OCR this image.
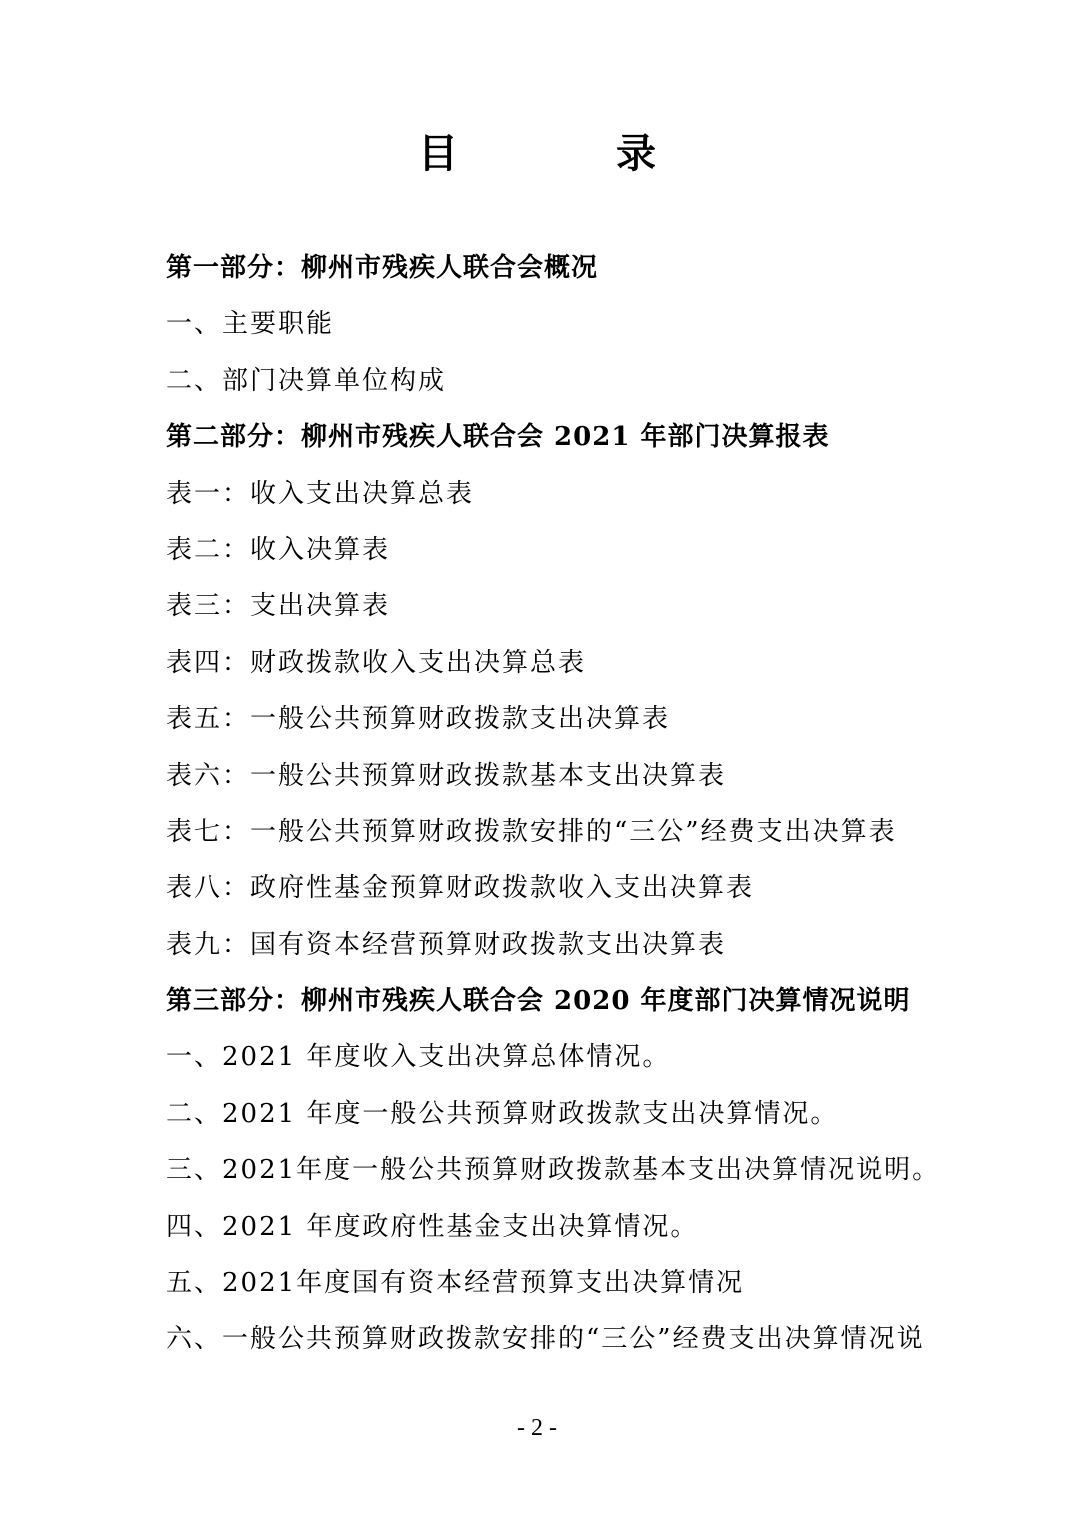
目 录
第一部分：柳州市残疾人联合会概况
一、主要职能
二、部门决算单位构成
第二部分：柳州市残疾人联合会 2021 年部门决算报表
表一：收入支出决算总表
表二：收入决算表
表三：支出决算表
表四：财政拨款收入支出决算总表
表五：一般公共预算财政拨款支出决算表
表六：一般公共预算财政拨款基本支出决算表
表七：一般公共预算财政拨款安排的“三公”经费支出决算表
表八：政府性基金预算财政拨款收入支出决算表
表九：国有资本经营预算财政拨款支出决算表
第三部分：柳州市残疾人联合会 2020 年度部门决算情况说明
一、2021 年度收入支出决算总体情况。
二、2021 年度一般公共预算财政拨款支出决算情况。
三、2021年度一般公共预算财政拨款基本支出决算情况说明。
四、2021 年度政府性基金支出决算情况。
五、2021年度国有资本经营预算支出决算情况
六、一般公共预算财政拨款安排的“三公”经费支出决算情况说
- 2 -
